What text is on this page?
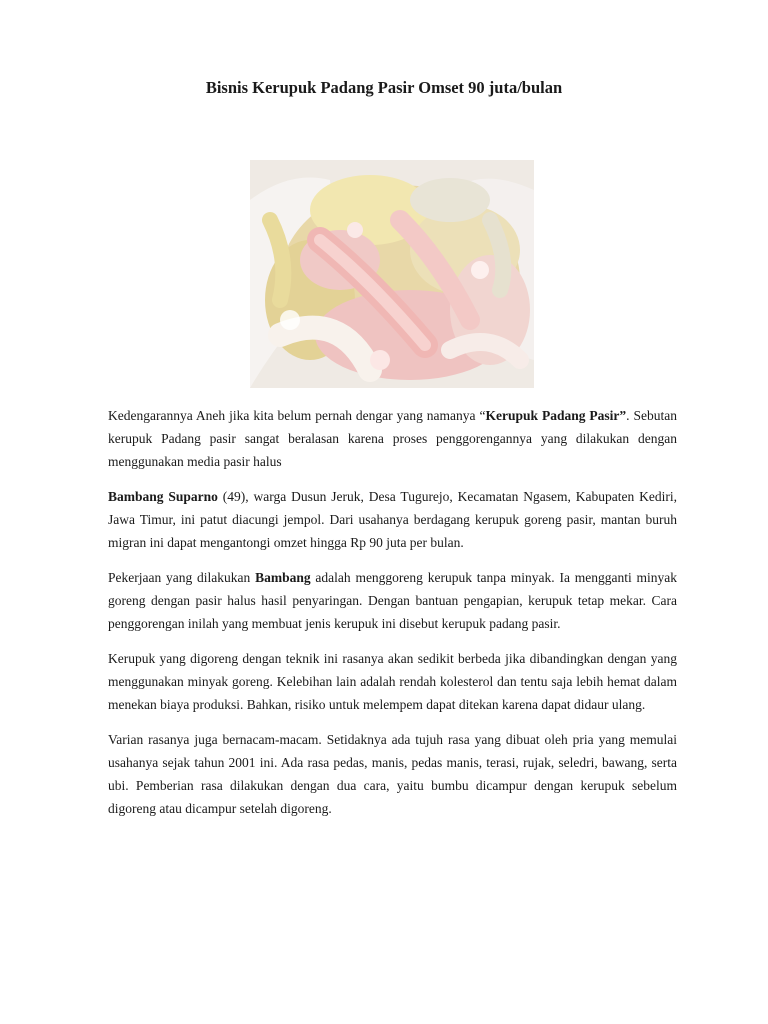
Bisnis Kerupuk Padang Pasir Omset 90 juta/bulan

Kedengarannya Aneh jika kita belum pernah dengar yang namanya “Kerupuk Padang Pasir”. Sebutan kerupuk Padang pasir sangat beralasan karena proses penggorengannya yang dilakukan dengan menggunakan media pasir halus

Bambang Suparno (49), warga Dusun Jeruk, Desa Tugurejo, Kecamatan Ngasem, Kabupaten Kediri, Jawa Timur, ini patut diacungi jempol. Dari usahanya berdagang kerupuk goreng pasir, mantan buruh migran ini dapat mengantongi omzet hingga Rp 90 juta per bulan.

Pekerjaan yang dilakukan Bambang adalah menggoreng kerupuk tanpa minyak. Ia mengganti minyak goreng dengan pasir halus hasil penyaringan. Dengan bantuan pengapian, kerupuk tetap mekar. Cara penggorengan inilah yang membuat jenis kerupuk ini disebut kerupuk padang pasir.

Kerupuk yang digoreng dengan teknik ini rasanya akan sedikit berbeda jika dibandingkan dengan yang menggunakan minyak goreng. Kelebihan lain adalah rendah kolesterol dan tentu saja lebih hemat dalam menekan biaya produksi. Bahkan, risiko untuk melempem dapat ditekan karena dapat didaur ulang.

Varian rasanya juga bernacam-macam. Setidaknya ada tujuh rasa yang dibuat oleh pria yang memulai usahanya sejak tahun 2001 ini. Ada rasa pedas, manis, pedas manis, terasi, rujak, seledri, bawang, serta ubi. Pemberian rasa dilakukan dengan dua cara, yaitu bumbu dicampur dengan kerupuk sebelum digoreng atau dicampur setelah digoreng.
